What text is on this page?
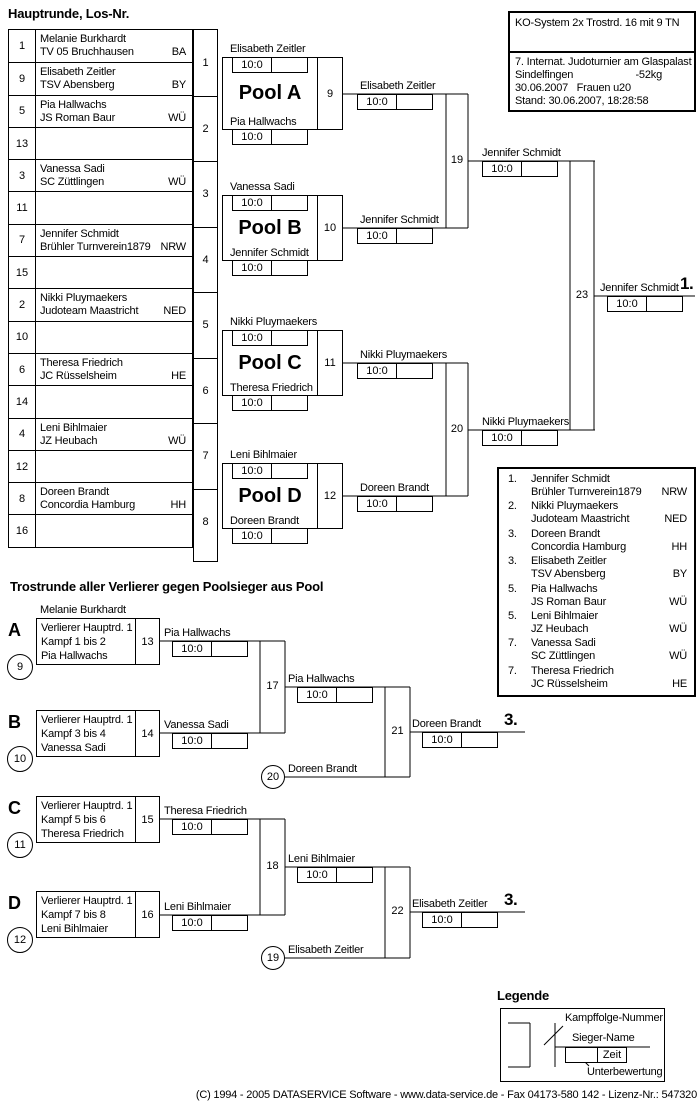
Hauptrunde, Los-Nr.
KO-System 2x Trostrd. 16 mit 9 TN
7. Internat. Judoturnier am Glaspalast
Sindelfingen	-52kg
30.06.2007   Frauen u20
Stand: 30.06.2007, 18:28:58
1
Melanie Burkhardt
TV 05 Bruchhausen	BA
9
Elisabeth Zeitler
TSV Abensberg	BY
5
Pia Hallwachs
JS Roman Baur	WÜ
13
3
Vanessa Sadi
SC Züttlingen	WÜ
11
7
Jennifer Schmidt
Brühler Turnverein1879 NRW
15
2
Nikki Pluymaekers
Judoteam Maastricht NED
10
6
Theresa Friedrich
JC Rüsselsheim	HE
14
4
Leni Bihlmaier
JZ Heubach	WÜ
12
8
Doreen Brandt
Concordia Hamburg	HH
16
1
2
3
4
5
6
7
8
Elisabeth Zeitler
10:0
Pool A	9
Pia Hallwachs
10:0
Elisabeth Zeitler
10:0
Vanessa Sadi
10:0
Pool B	10
Jennifer Schmidt
10:0
Jennifer Schmidt
10:0
Nikki Pluymaekers
10:0
Pool C	11
Theresa Friedrich
10:0
Nikki Pluymaekers
10:0
Leni Bihlmaier
10:0
Pool D	12
Doreen Brandt
10:0
Doreen Brandt
10:0
19
Jennifer Schmidt
10:0
20
Nikki Pluymaekers
10:0
23
Jennifer Schmidt 1.
10:0
1.	Jennifer Schmidt
Brühler Turnverein1879 NRW
2.	Nikki Pluymaekers
Judoteam Maastricht	NED
3.	Doreen Brandt
Concordia Hamburg	HH
3.	Elisabeth Zeitler
TSV Abensberg	BY
5.	Pia Hallwachs
JS Roman Baur	WÜ
5.	Leni Bihlmaier
JZ Heubach	WÜ
7.	Vanessa Sadi
SC Züttlingen	WÜ
7.	Theresa Friedrich
JC Rüsselsheim	HE
Trostrunde aller Verlierer gegen Poolsieger aus Pool
A
Melanie Burkhardt
Verlierer Hauptrd. 1
Kampf 1 bis 2
Pia Hallwachs
13
9
Pia Hallwachs
10:0
B Verlierer Hauptrd. 1
Kampf 3 bis 4
Vanessa Sadi
14
10
Vanessa Sadi
10:0
17
Pia Hallwachs
10:0
20
Doreen Brandt
21
Doreen Brandt 3.
10:0
C Verlierer Hauptrd. 1
Kampf 5 bis 6
Theresa Friedrich
15
11
Theresa Friedrich
10:0
D Verlierer Hauptrd. 1
Kampf 7 bis 8
Leni Bihlmaier
16
12
Leni Bihlmaier
10:0
18
Leni Bihlmaier
10:0
19
Elisabeth Zeitler
22
Elisabeth Zeitler 3.
10:0
Legende
Kampffolge-Nummer
Sieger-Name
Zeit
Unterbewertung
(C) 1994 - 2005 DATASERVICE Software - www.data-service.de - Fax 04173-580 142 - Lizenz-Nr.: 547320
